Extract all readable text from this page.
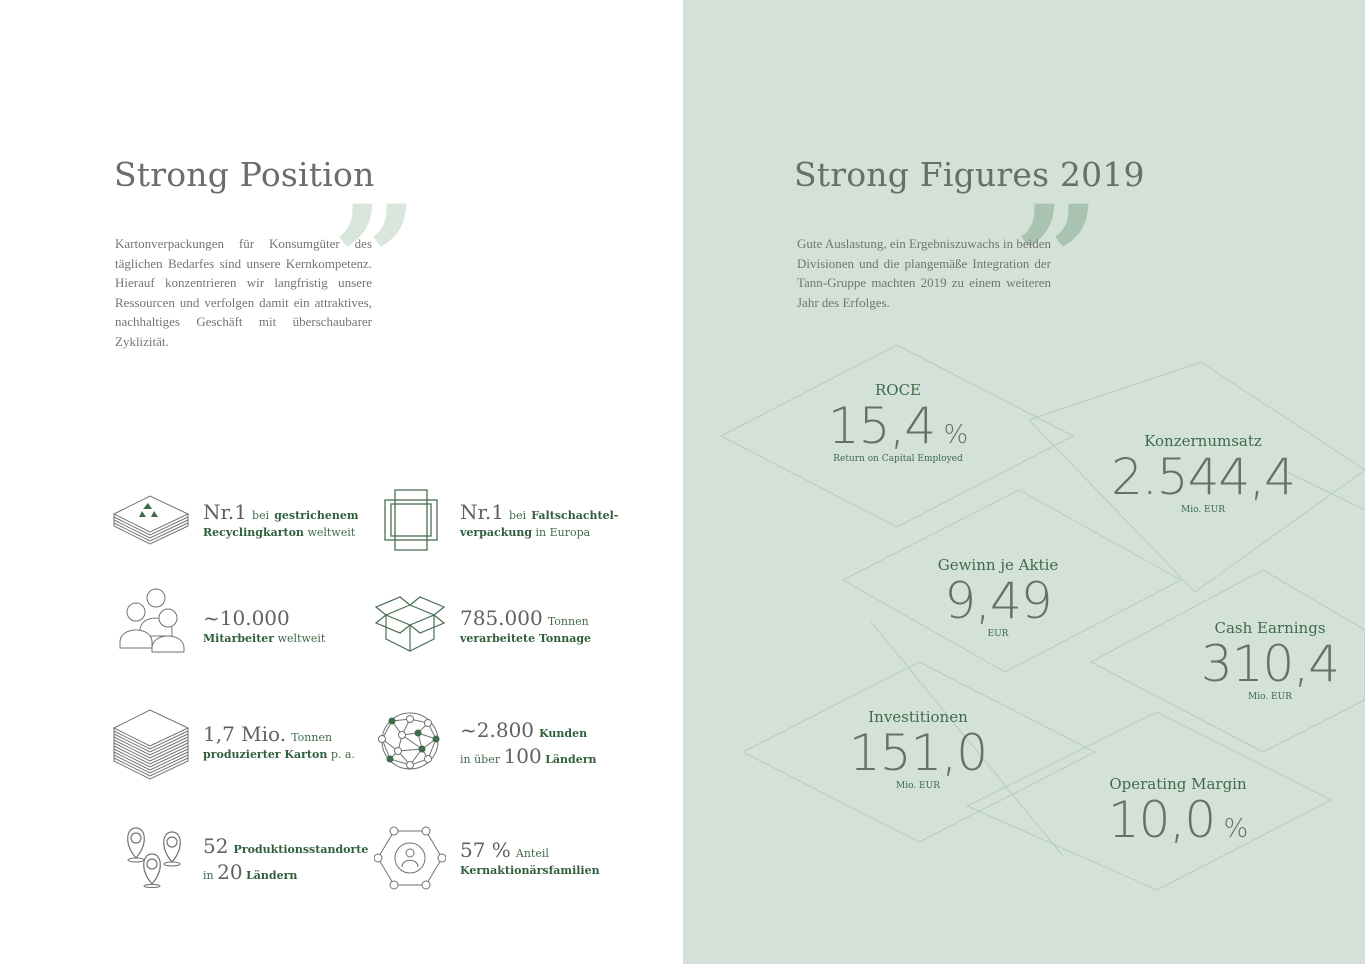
Strong Position
”

Kartonverpackungen für Konsumgüter des täglichen Bedarfes sind unsere Kernkompetenz. Hierauf konzentrieren wir langfristig unsere Ressourcen und verfolgen damit ein attraktives, nachhaltiges Geschäft mit überschaubarer Zyklizität.

Nr.1 bei gestrichenem
Recyclingkarton weltweit
Nr.1 bei Faltschachtel-
verpackung in Europa
~10.000
Mitarbeiter weltweit
785.000 Tonnen
verarbeitete Tonnage
1,7 Mio. Tonnen
produzierter Karton p. a.
~2.800 Kunden
in über 100 Ländern
52 Produktionsstandorte
in 20 Ländern
57 % Anteil
Kernaktionärsfamilien
Strong Figures 2019
”

Gute Auslastung, ein Ergebniszuwachs in beiden Divisionen und die plangemäße Integration der Tann-Gruppe machten 2019 zu einem weiteren Jahr des Erfolges.

ROCE
15,4 %
Return on Capital Employed
Konzernumsatz
2.544,4
Mio. EUR
Gewinn je Aktie
9,49
EUR	Cash Earnings
310,4
Mio. EUR
Investitionen
151,0
Mio. EUR	Operating Margin
10,0 %
